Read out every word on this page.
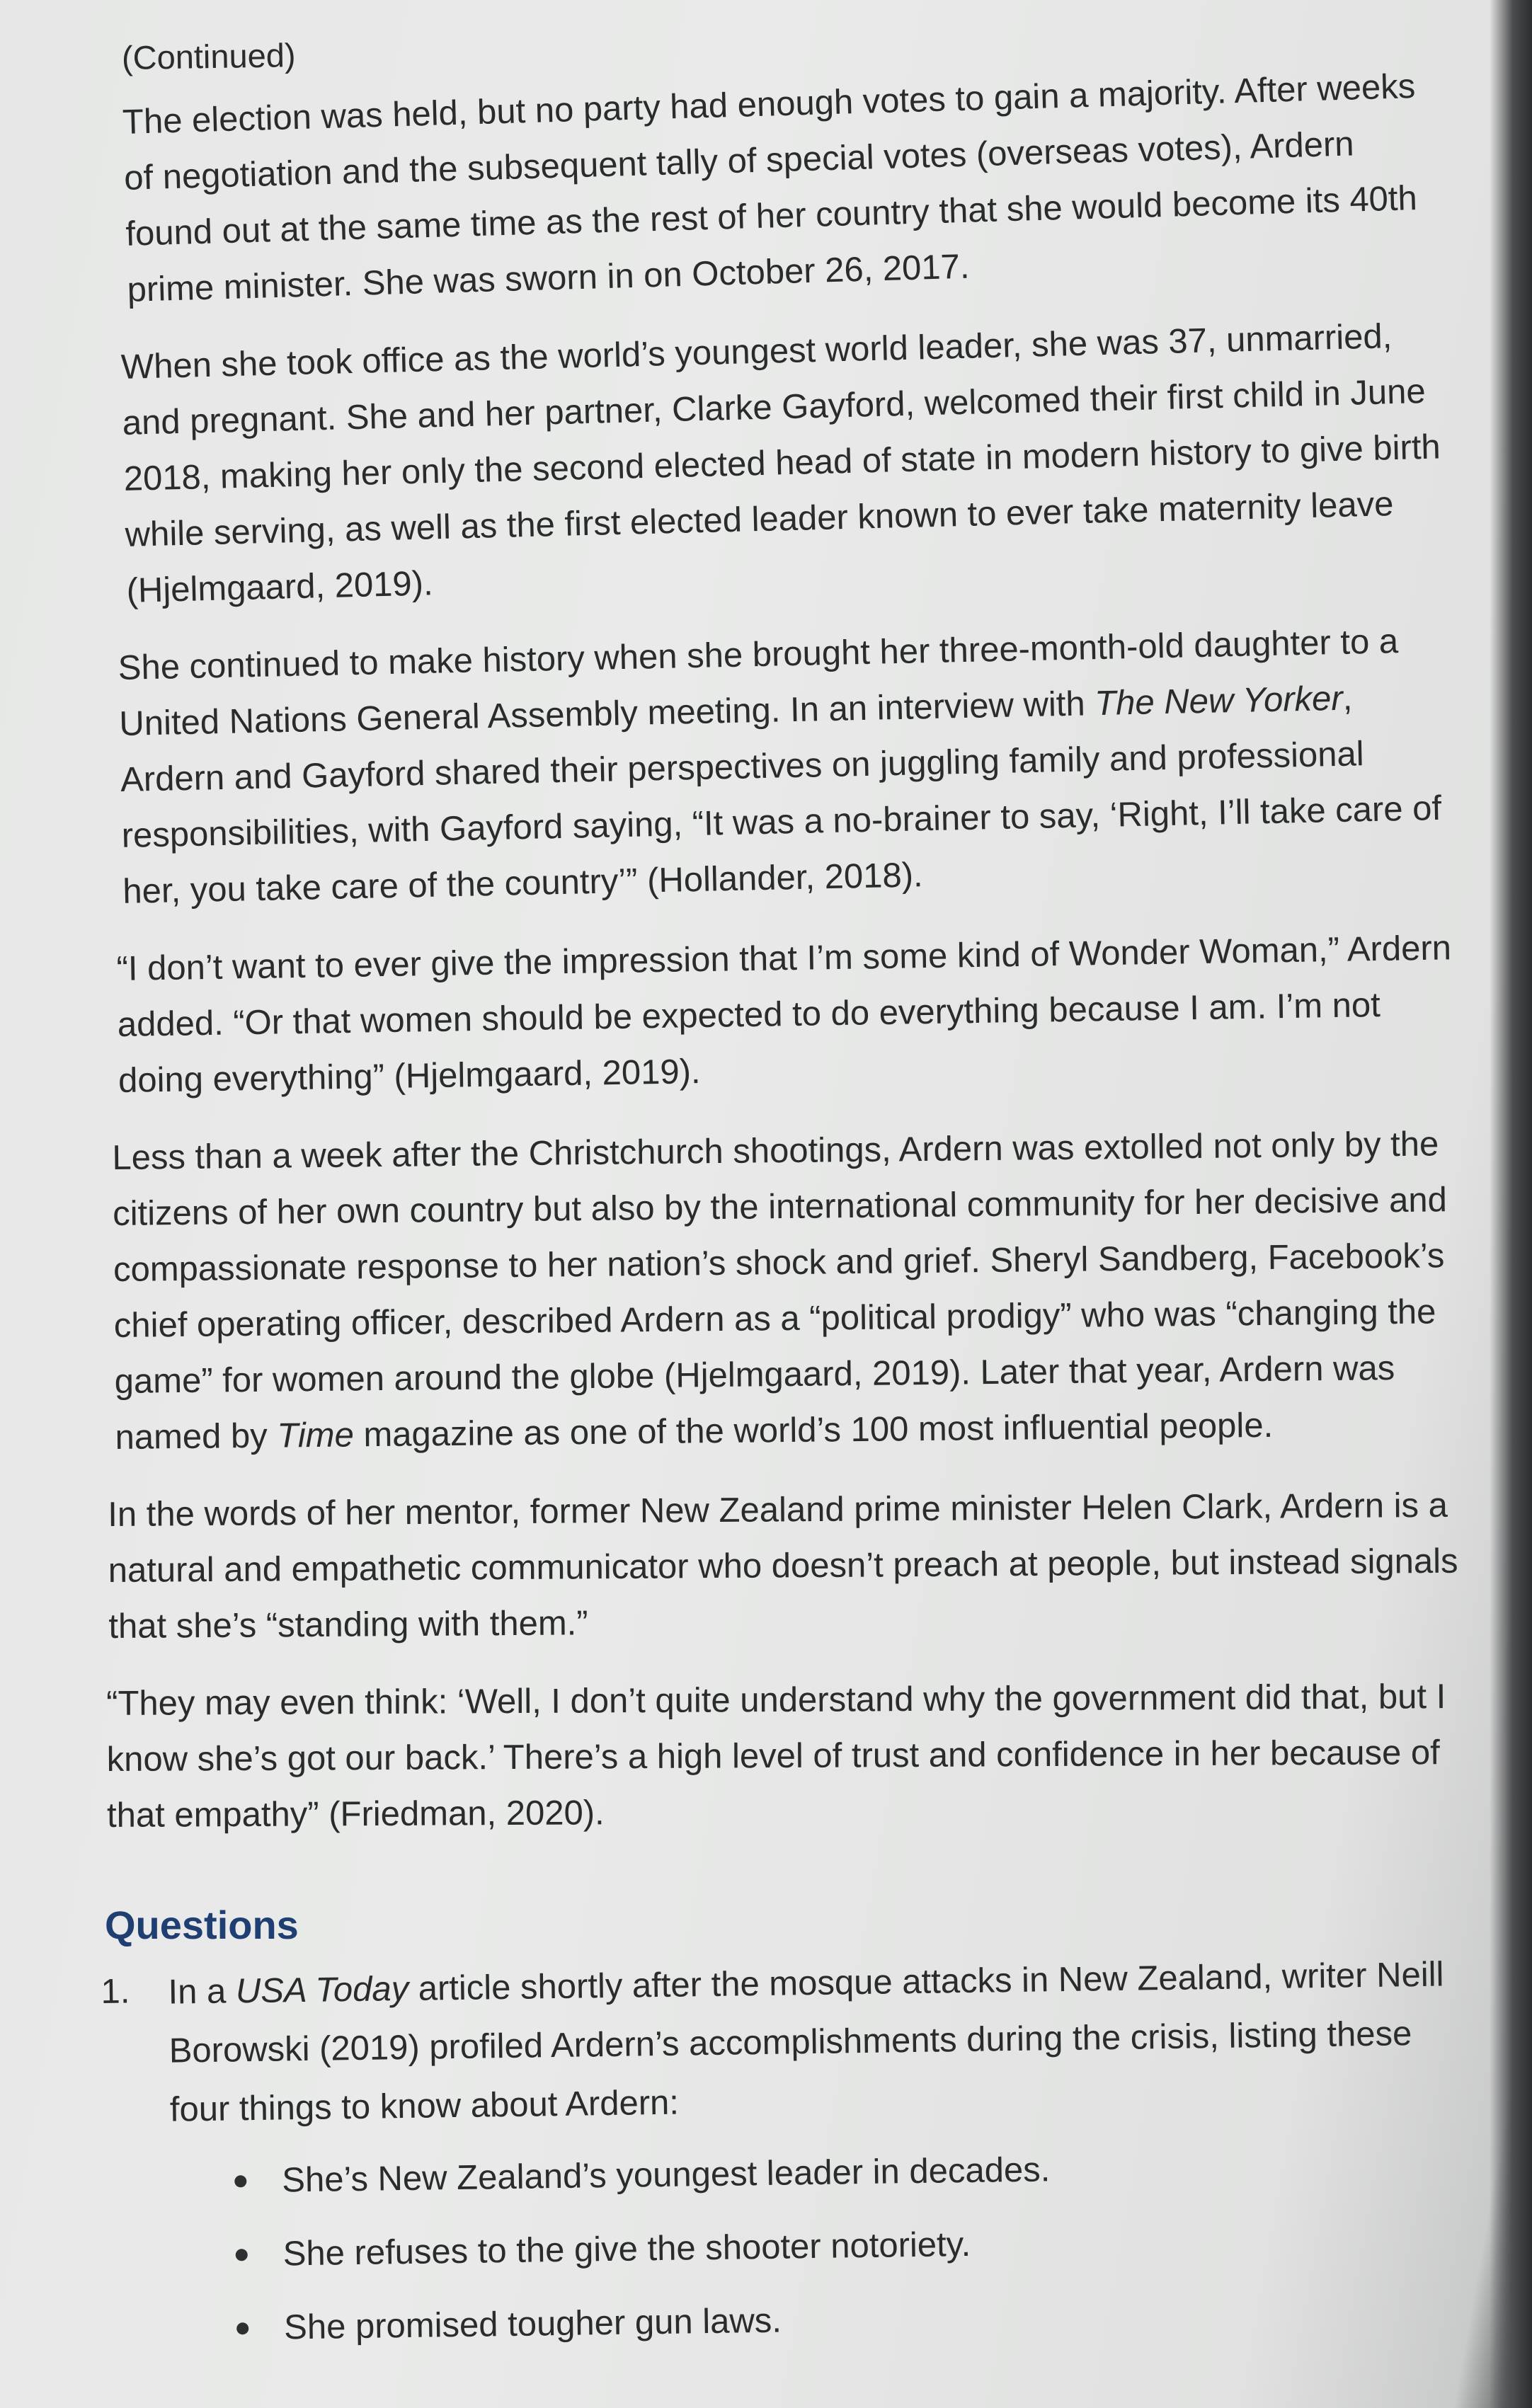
(Continued)

The election was held, but no party had enough votes to gain a majority. After weeks of negotiation and the subsequent tally of special votes (overseas votes), Ardern found out at the same time as the rest of her country that she would become its 40th prime minister. She was sworn in on October 26, 2017.

When she took office as the world’s youngest world leader, she was 37, unmarried, and pregnant. She and her partner, Clarke Gayford, welcomed their first child in June 2018, making her only the second elected head of state in modern history to give birth while serving, as well as the first elected leader known to ever take maternity leave (Hjelmgaard, 2019).

She continued to make history when she brought her three-month-old daughter to a United Nations General Assembly meeting. In an interview with The New Yorker, Ardern and Gayford shared their perspectives on juggling family and professional responsibilities, with Gayford saying, “It was a no-brainer to say, ‘Right, I’ll take care of her, you take care of the country’” (Hollander, 2018).

“I don’t want to ever give the impression that I’m some kind of Wonder Woman,” Ardern added. “Or that women should be expected to do everything because I am. I’m not doing everything” (Hjelmgaard, 2019).

Less than a week after the Christchurch shootings, Ardern was extolled not only by the citizens of her own country but also by the international community for her decisive and compassionate response to her nation’s shock and grief. Sheryl Sandberg, Facebook’s chief operating officer, described Ardern as a “political prodigy” who was “changing the game” for women around the globe (Hjelmgaard, 2019). Later that year, Ardern was named by Time magazine as one of the world’s 100 most influential people.

In the words of her mentor, former New Zealand prime minister Helen Clark, Ardern is a natural and empathetic communicator who doesn’t preach at people, but instead signals that she’s “standing with them.”

“They may even think: ‘Well, I don’t quite understand why the government did that, but I know she’s got our back.’ There’s a high level of trust and confidence in her because of that empathy” (Friedman, 2020).

Questions
1.	In a USA Today article shortly after the mosque attacks in New Zealand, writer Neill Borowski (2019) profiled Ardern’s accomplishments during the crisis, listing these four things to know about Ardern:
She’s New Zealand’s youngest leader in decades.
She refuses to the give the shooter notoriety.
She promised tougher gun laws.
